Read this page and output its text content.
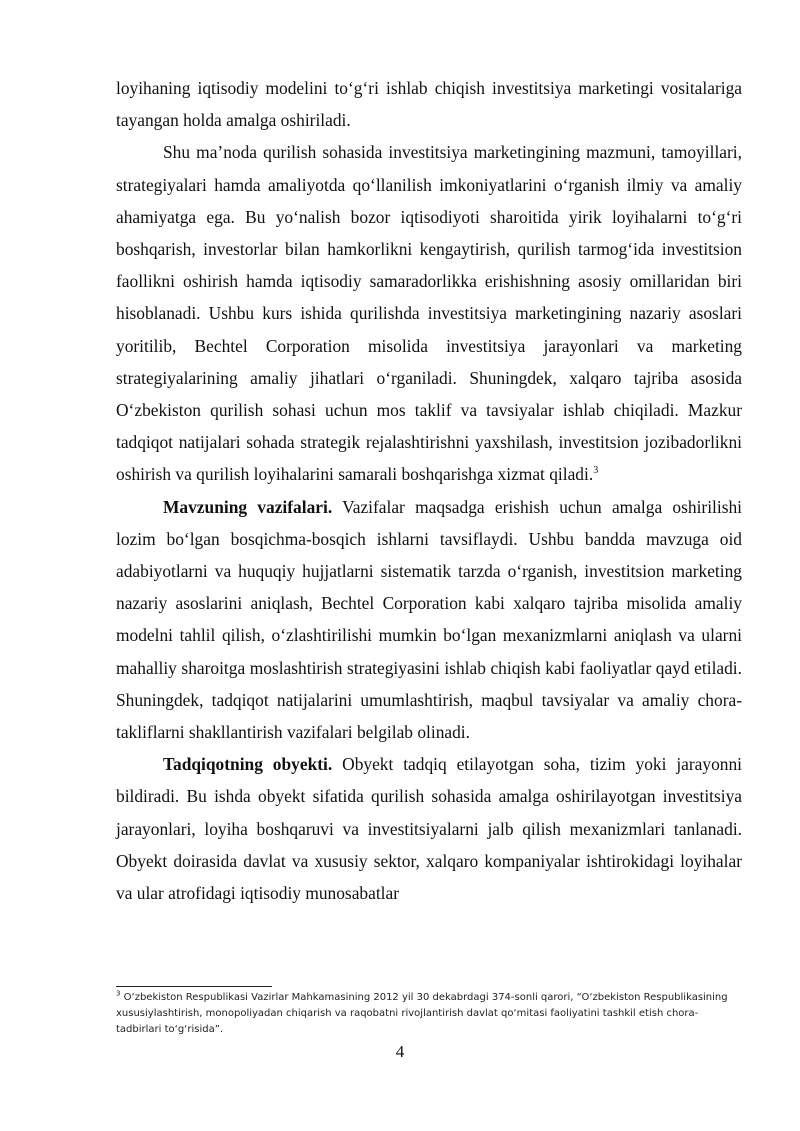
loyihaning iqtisodiy modelini to‘g‘ri ishlab chiqish investitsiya marketingi vositalariga tayangan holda amalga oshiriladi.

Shu ma’noda qurilish sohasida investitsiya marketingining mazmuni, tamoyillari, strategiyalari hamda amaliyotda qo‘llanilish imkoniyatlarini o‘rganish ilmiy va amaliy ahamiyatga ega. Bu yo‘nalish bozor iqtisodiyoti sharoitida yirik loyihalarni to‘g‘ri boshqarish, investorlar bilan hamkorlikni kengaytirish, qurilish tarmog‘ida investitsion faollikni oshirish hamda iqtisodiy samaradorlikka erishishning asosiy omillaridan biri hisoblanadi. Ushbu kurs ishida qurilishda investitsiya marketingining nazariy asoslari yoritilib, Bechtel Corporation misolida investitsiya jarayonlari va marketing strategiyalarining amaliy jihatlari o‘rganiladi. Shuningdek, xalqaro tajriba asosida O‘zbekiston qurilish sohasi uchun mos taklif va tavsiyalar ishlab chiqiladi. Mazkur tadqiqot natijalari sohada strategik rejalashtirishni yaxshilash, investitsion jozibadorlikni oshirish va qurilish loyihalarini samarali boshqarishga xizmat qiladi.$^3$

Mavzuning vazifalari. Vazifalar maqsadga erishish uchun amalga oshirilishi lozim bo‘lgan bosqichma-bosqich ishlarni tavsiflaydi. Ushbu bandda mavzuga oid adabiyotlarni va huquqiy hujjatlarni sistematik tarzda o‘rganish, investitsion marketing nazariy asoslarini aniqlash, Bechtel Corporation kabi xalqaro tajriba misolida amaliy modelni tahlil qilish, o‘zlashtirilishi mumkin bo‘lgan mexanizmlarni aniqlash va ularni mahalliy sharoitga moslashtirish strategiyasini ishlab chiqish kabi faoliyatlar qayd etiladi. Shuningdek, tadqiqot natijalarini umumlashtirish, maqbul tavsiyalar va amaliy chora-takliflarni shakllantirish vazifalari belgilab olinadi.

Tadqiqotning obyekti. Obyekt tadqiq etilayotgan soha, tizim yoki jarayonni bildiradi. Bu ishda obyekt sifatida qurilish sohasida amalga oshirilayotgan investitsiya jarayonlari, loyiha boshqaruvi va investitsiyalarni jalb qilish mexanizmlari tanlanadi. Obyekt doirasida davlat va xususiy sektor, xalqaro kompaniyalar ishtirokidagi loyihalar va ular atrofidagi iqtisodiy munosabatlar

$^3$ O‘zbekiston Respublikasi Vazirlar Mahkamasining 2012 yil 30 dekabrdagi 374-sonli qarori, “O‘zbekiston Respublikasining xususiylashtirish, monopoliyadan chiqarish va raqobatni rivojlantirish davlat qo‘mitasi faoliyatini tashkil etish chora-tadbirlari to‘g‘risida”.
4
